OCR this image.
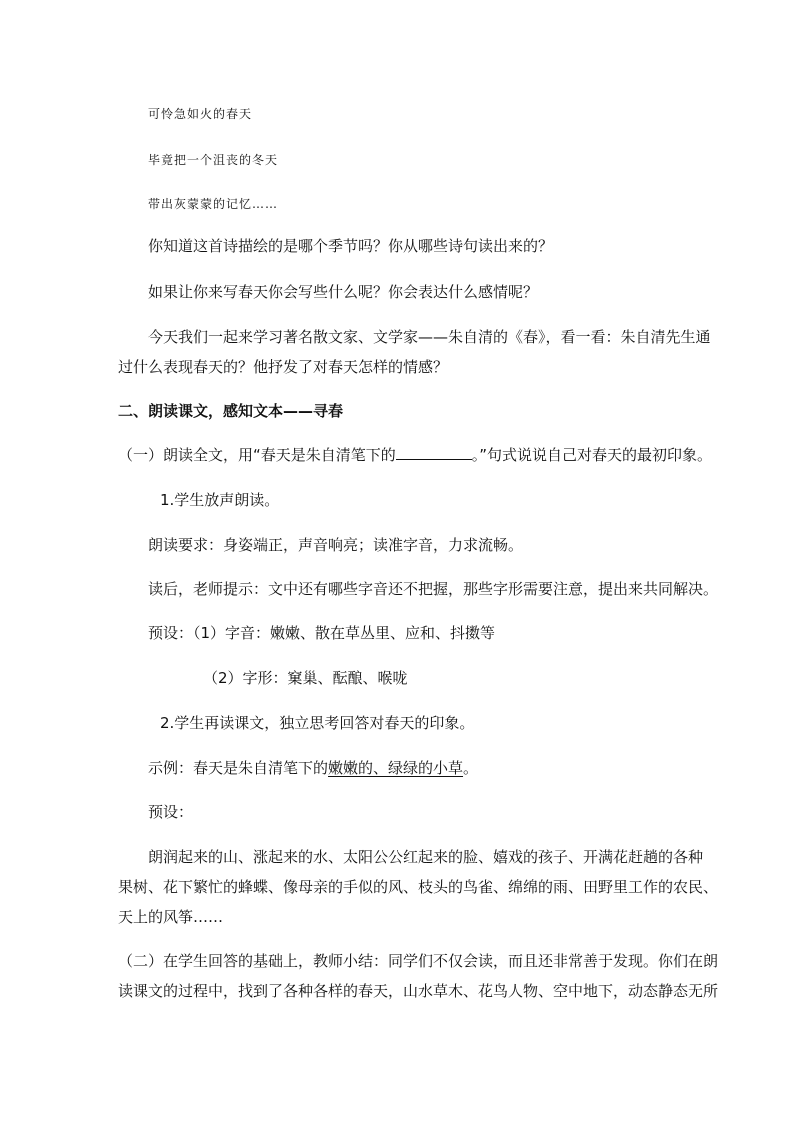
可怜急如火的春天
毕竟把一个沮丧的冬天
带出灰蒙蒙的记忆……
你知道这首诗描绘的是哪个季节吗？你从哪些诗句读出来的？
如果让你来写春天你会写些什么呢？你会表达什么感情呢？
今天我们一起来学习著名散文家、文学家——朱自清的《春》，看一看：朱自清先生通
过什么表现春天的？他抒发了对春天怎样的情感？
二、朗读课文，感知文本——寻春
（一）朗读全文，用“春天是朱自清笔下的	。”句式说说自己对春天的最初印象。
1.学生放声朗读。
朗读要求：身姿端正，声音响亮；读准字音，力求流畅。
读后，老师提示：文中还有哪些字音还不把握，那些字形需要注意，提出来共同解决。
预设：（1）字音：嫩嫩、散在草丛里、应和、抖擞等
（2）字形：窠巢、酝酿、喉咙
2.学生再读课文，独立思考回答对春天的印象。
示例：春天是朱自清笔下的嫩嫩的、绿绿的小草。
预设：
朗润起来的山、涨起来的水、太阳公公红起来的脸、嬉戏的孩子、开满花赶趟的各种
果树、花下繁忙的蜂蝶、像母亲的手似的风、枝头的鸟雀、绵绵的雨、田野里工作的农民、
天上的风筝……
（二）在学生回答的基础上，教师小结：同学们不仅会读，而且还非常善于发现。你们在朗
读课文的过程中，找到了各种各样的春天，山水草木、花鸟人物、空中地下，动态静态无所
